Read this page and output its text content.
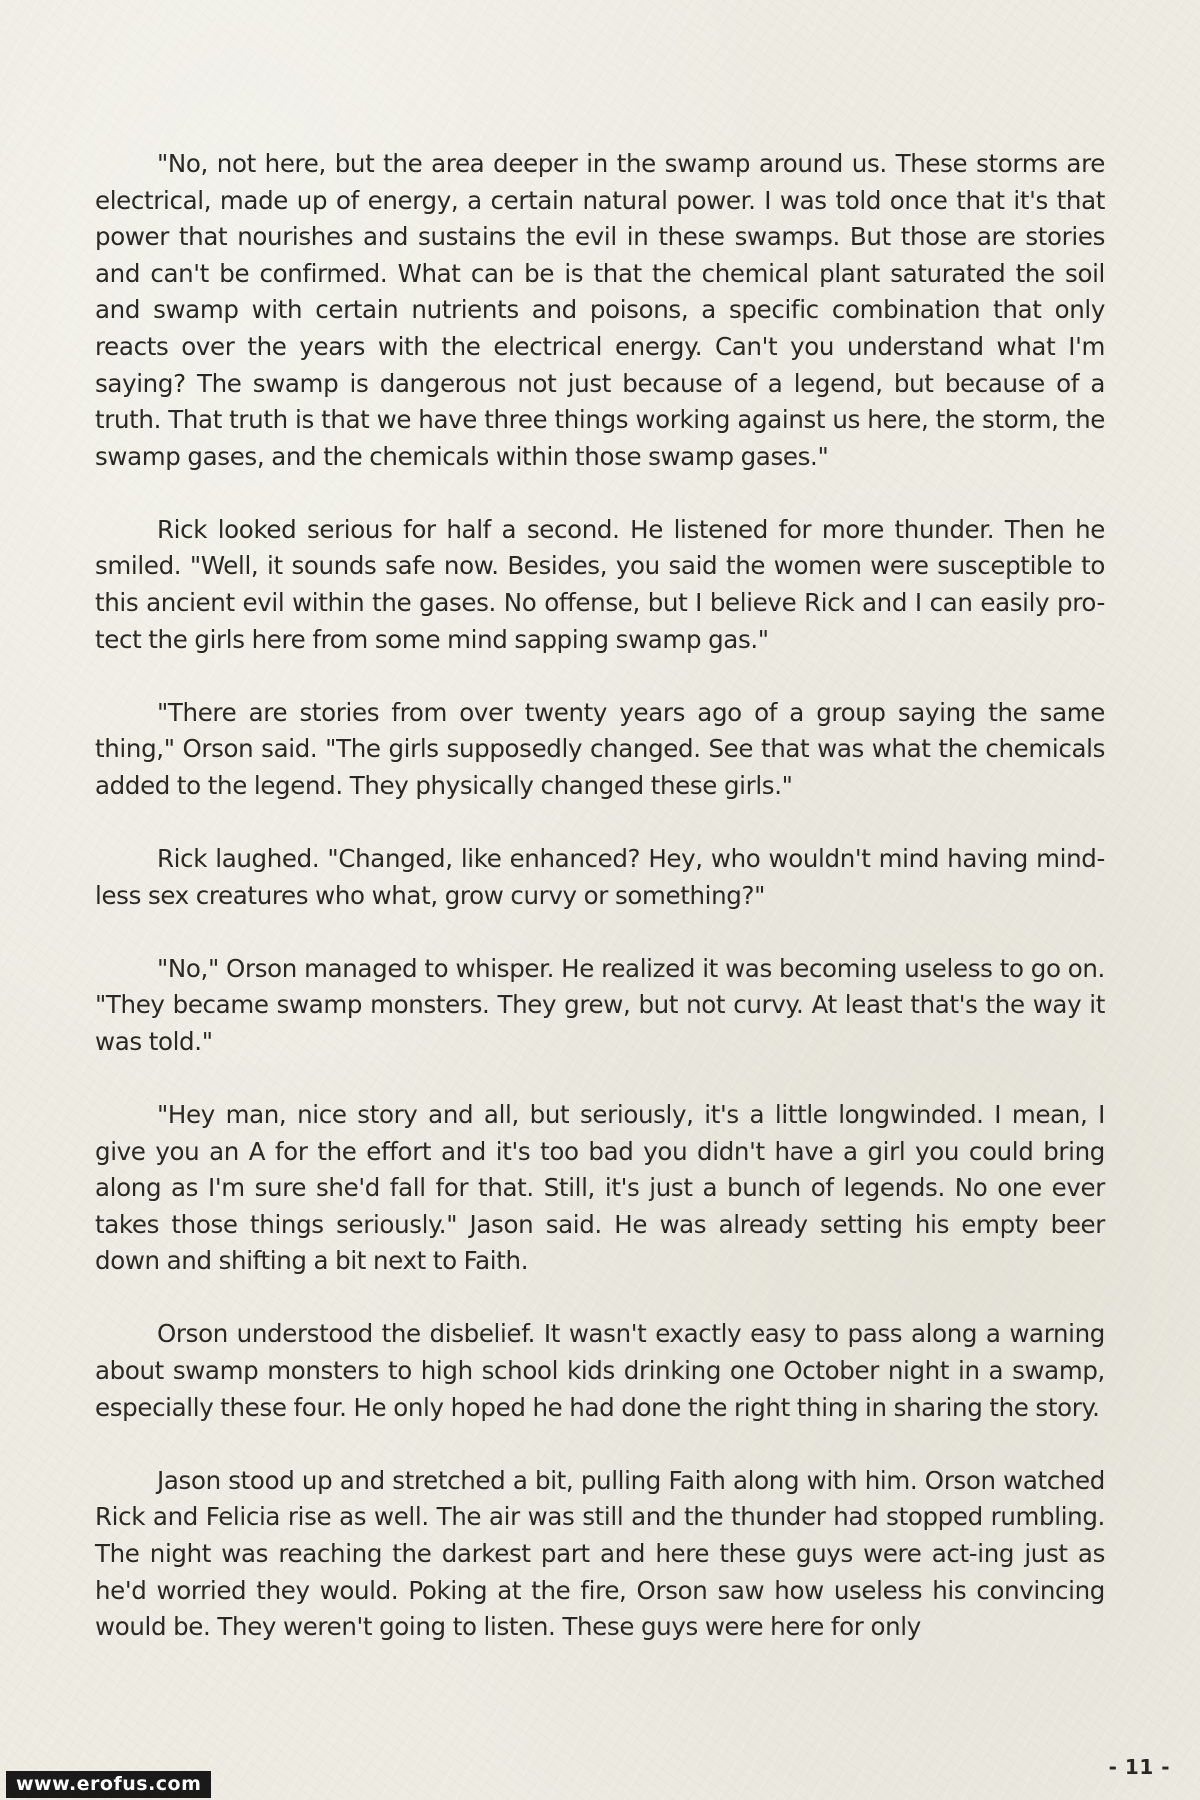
"No, not here, but the area deeper in the swamp around us. These storms are electrical, made up of energy, a certain natural power. I was told once that it's that power that nourishes and sustains the evil in these swamps. But those are stories and can't be confirmed. What can be is that the chemical plant saturated the soil and swamp with certain nutrients and poisons, a specific combination that only reacts over the years with the electrical energy. Can't you understand what I'm saying? The swamp is dangerous not just because of a legend, but because of a truth. That truth is that we have three things working against us here, the storm, the swamp gases, and the chemicals within those swamp gases."

Rick looked serious for half a second. He listened for more thunder. Then he smiled. "Well, it sounds safe now. Besides, you said the women were susceptible to this ancient evil within the gases. No offense, but I believe Rick and I can easily pro-tect the girls here from some mind sapping swamp gas."

"There are stories from over twenty years ago of a group saying the same thing," Orson said. "The girls supposedly changed. See that was what the chemicals added to the legend. They physically changed these girls."

Rick laughed. "Changed, like enhanced? Hey, who wouldn't mind having mind-less sex creatures who what, grow curvy or something?"

"No," Orson managed to whisper. He realized it was becoming useless to go on. "They became swamp monsters. They grew, but not curvy. At least that's the way it was told."

"Hey man, nice story and all, but seriously, it's a little longwinded. I mean, I give you an A for the effort and it's too bad you didn't have a girl you could bring along as I'm sure she'd fall for that. Still, it's just a bunch of legends. No one ever takes those things seriously." Jason said. He was already setting his empty beer down and shifting a bit next to Faith.

Orson understood the disbelief. It wasn't exactly easy to pass along a warning about swamp monsters to high school kids drinking one October night in a swamp, especially these four. He only hoped he had done the right thing in sharing the story.

Jason stood up and stretched a bit, pulling Faith along with him. Orson watched Rick and Felicia rise as well. The air was still and the thunder had stopped rumbling. The night was reaching the darkest part and here these guys were act-ing just as he'd worried they would. Poking at the fire, Orson saw how useless his convincing would be. They weren't going to listen. These guys were here for only

- 11 -
www.erofus.com
